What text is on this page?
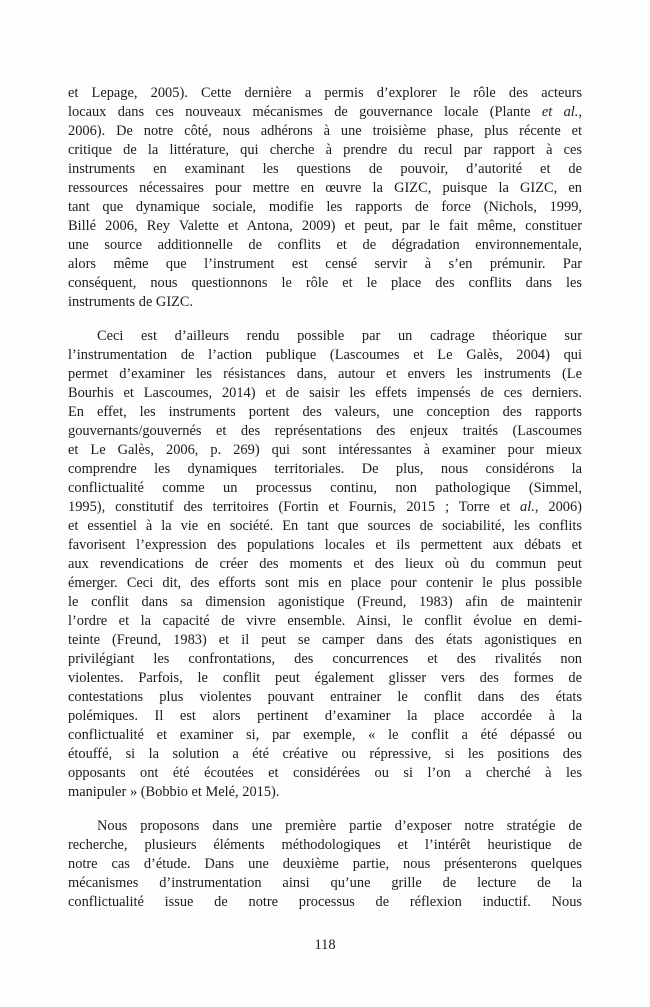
et Lepage, 2005). Cette dernière a permis d’explorer le rôle des acteurs
locaux dans ces nouveaux mécanismes de gouvernance locale (Plante et al.,
2006). De notre côté, nous adhérons à une troisième phase, plus récente et
critique de la littérature, qui cherche à prendre du recul par rapport à ces
instruments en examinant les questions de pouvoir, d’autorité et de
ressources nécessaires pour mettre en œuvre la GIZC, puisque la GIZC, en
tant que dynamique sociale, modifie les rapports de force (Nichols, 1999,
Billé 2006, Rey Valette et Antona, 2009) et peut, par le fait même, constituer
une source additionnelle de conflits et de dégradation environnementale,
alors même que l’instrument est censé servir à s’en prémunir. Par
conséquent, nous questionnons le rôle et le place des conflits dans les
instruments de GIZC.
Ceci est d’ailleurs rendu possible par un cadrage théorique sur
l’instrumentation de l’action publique (Lascoumes et Le Galès, 2004) qui
permet d’examiner les résistances dans, autour et envers les instruments (Le
Bourhis et Lascoumes, 2014) et de saisir les effets impensés de ces derniers.
En effet, les instruments portent des valeurs, une conception des rapports
gouvernants/gouvernés et des représentations des enjeux traités (Lascoumes
et Le Galès, 2006, p. 269) qui sont intéressantes à examiner pour mieux
comprendre les dynamiques territoriales. De plus, nous considérons la
conflictualité comme un processus continu, non pathologique (Simmel,
1995), constitutif des territoires (Fortin et Fournis, 2015 ; Torre et al., 2006)
et essentiel à la vie en société. En tant que sources de sociabilité, les conflits
favorisent l’expression des populations locales et ils permettent aux débats et
aux revendications de créer des moments et des lieux où du commun peut
émerger. Ceci dit, des efforts sont mis en place pour contenir le plus possible
le conflit dans sa dimension agonistique (Freund, 1983) afin de maintenir
l’ordre et la capacité de vivre ensemble. Ainsi, le conflit évolue en demi-
teinte (Freund, 1983) et il peut se camper dans des états agonistiques en
privilégiant les confrontations, des concurrences et des rivalités non
violentes. Parfois, le conflit peut également glisser vers des formes de
contestations plus violentes pouvant entrainer le conflit dans des états
polémiques. Il est alors pertinent d’examiner la place accordée à la
conflictualité et examiner si, par exemple, « le conflit a été dépassé ou
étouffé, si la solution a été créative ou répressive, si les positions des
opposants ont été écoutées et considérées ou si l’on a cherché à les
manipuler » (Bobbio et Melé, 2015).
Nous proposons dans une première partie d’exposer notre stratégie de
recherche, plusieurs éléments méthodologiques et l’intérêt heuristique de
notre cas d’étude. Dans une deuxième partie, nous présenterons quelques
mécanismes d’instrumentation ainsi qu’une grille de lecture de la
conflictualité issue de notre processus de réflexion inductif. Nous
118
